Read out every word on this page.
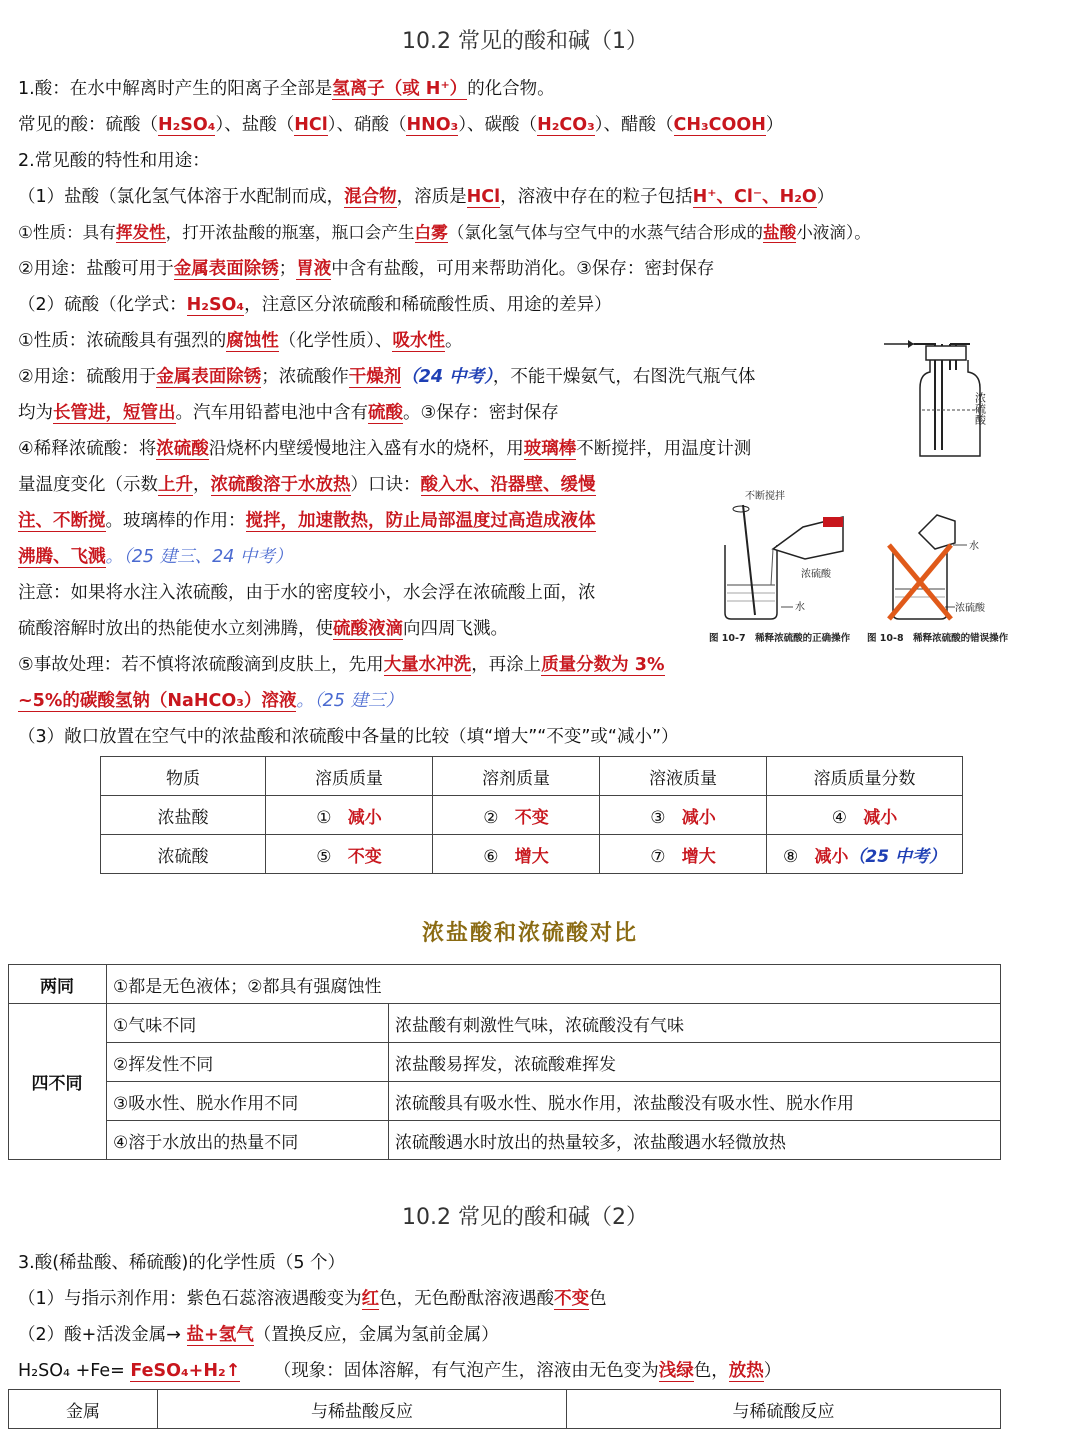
10.2 常见的酸和碱（1）
1.酸：在水中解离时产生的阳离子全部是氢离子（或 H⁺）的化合物。
常见的酸：硫酸（H₂SO₄）、盐酸（HCl）、硝酸（HNO₃）、碳酸（H₂CO₃）、醋酸（CH₃COOH）
2.常见酸的特性和用途：
（1）盐酸（氯化氢气体溶于水配制而成，混合物，溶质是HCl，溶液中存在的粒子包括H⁺、Cl⁻、H₂O）
①性质：具有挥发性，打开浓盐酸的瓶塞，瓶口会产生白雾（氯化氢气体与空气中的水蒸气结合形成的盐酸小液滴）。
②用途：盐酸可用于金属表面除锈；胃液中含有盐酸，可用来帮助消化。③保存：密封保存
（2）硫酸（化学式：H₂SO₄，注意区分浓硫酸和稀硫酸性质、用途的差异）
①性质：浓硫酸具有强烈的腐蚀性（化学性质）、吸水性。
②用途：硫酸用于金属表面除锈；浓硫酸作干燥剂（24 中考），不能干燥氨气，右图洗气瓶气体
均为长管进，短管出。汽车用铅蓄电池中含有硫酸。③保存：密封保存
④稀释浓硫酸：将浓硫酸沿烧杯内壁缓慢地注入盛有水的烧杯，用玻璃棒不断搅拌，用温度计测
量温度变化（示数上升，浓硫酸溶于水放热）口诀：酸入水、沿器壁、缓慢
注、不断搅。玻璃棒的作用：搅拌，加速散热，防止局部温度过高造成液体
沸腾、飞溅。（25 建三、24 中考）
注意：如果将水注入浓硫酸，由于水的密度较小，水会浮在浓硫酸上面，浓
硫酸溶解时放出的热能使水立刻沸腾，使硫酸液滴向四周飞溅。
⑤事故处理：若不慎将浓硫酸滴到皮肤上，先用大量水冲洗，再涂上质量分数为 3%
~5%的碳酸氢钠（NaHCO₃）溶液。（25 建三）
浓硫酸
不断搅拌
浓硫酸
水
水
浓硫酸
图 10-7　稀释浓硫酸的正确操作 图 10-8　稀释浓硫酸的错误操作
（3）敞口放置在空气中的浓盐酸和浓硫酸中各量的比较（填“增大”“不变”或“减小”）
物质	溶质质量	溶剂质量	溶液质量	溶质质量分数
浓盐酸	① 减小	② 不变	③ 减小	④ 减小
浓硫酸	⑤ 不变	⑥ 增大	⑦ 增大	⑧ 减小（25 中考）
浓盐酸和浓硫酸对比
两同	①都是无色液体；②都具有强腐蚀性	
四不同	①气味不同	浓盐酸有刺激性气味，浓硫酸没有气味
	②挥发性不同	浓盐酸易挥发，浓硫酸难挥发
	③吸水性、脱水作用不同	浓硫酸具有吸水性、脱水作用，浓盐酸没有吸水性、脱水作用
	④溶于水放出的热量不同	浓硫酸遇水时放出的热量较多，浓盐酸遇水轻微放热
10.2 常见的酸和碱（2）
3.酸(稀盐酸、稀硫酸)的化学性质（5 个）
（1）与指示剂作用：紫色石蕊溶液遇酸变为红色，无色酚酞溶液遇酸不变色
（2）酸+活泼金属→ 盐+氢气（置换反应，金属为氢前金属）
H₂SO₄ +Fe= FeSO₄+H₂↑ （现象：固体溶解，有气泡产生，溶液由无色变为浅绿色，放热）
金属	与稀盐酸反应	与稀硫酸反应
